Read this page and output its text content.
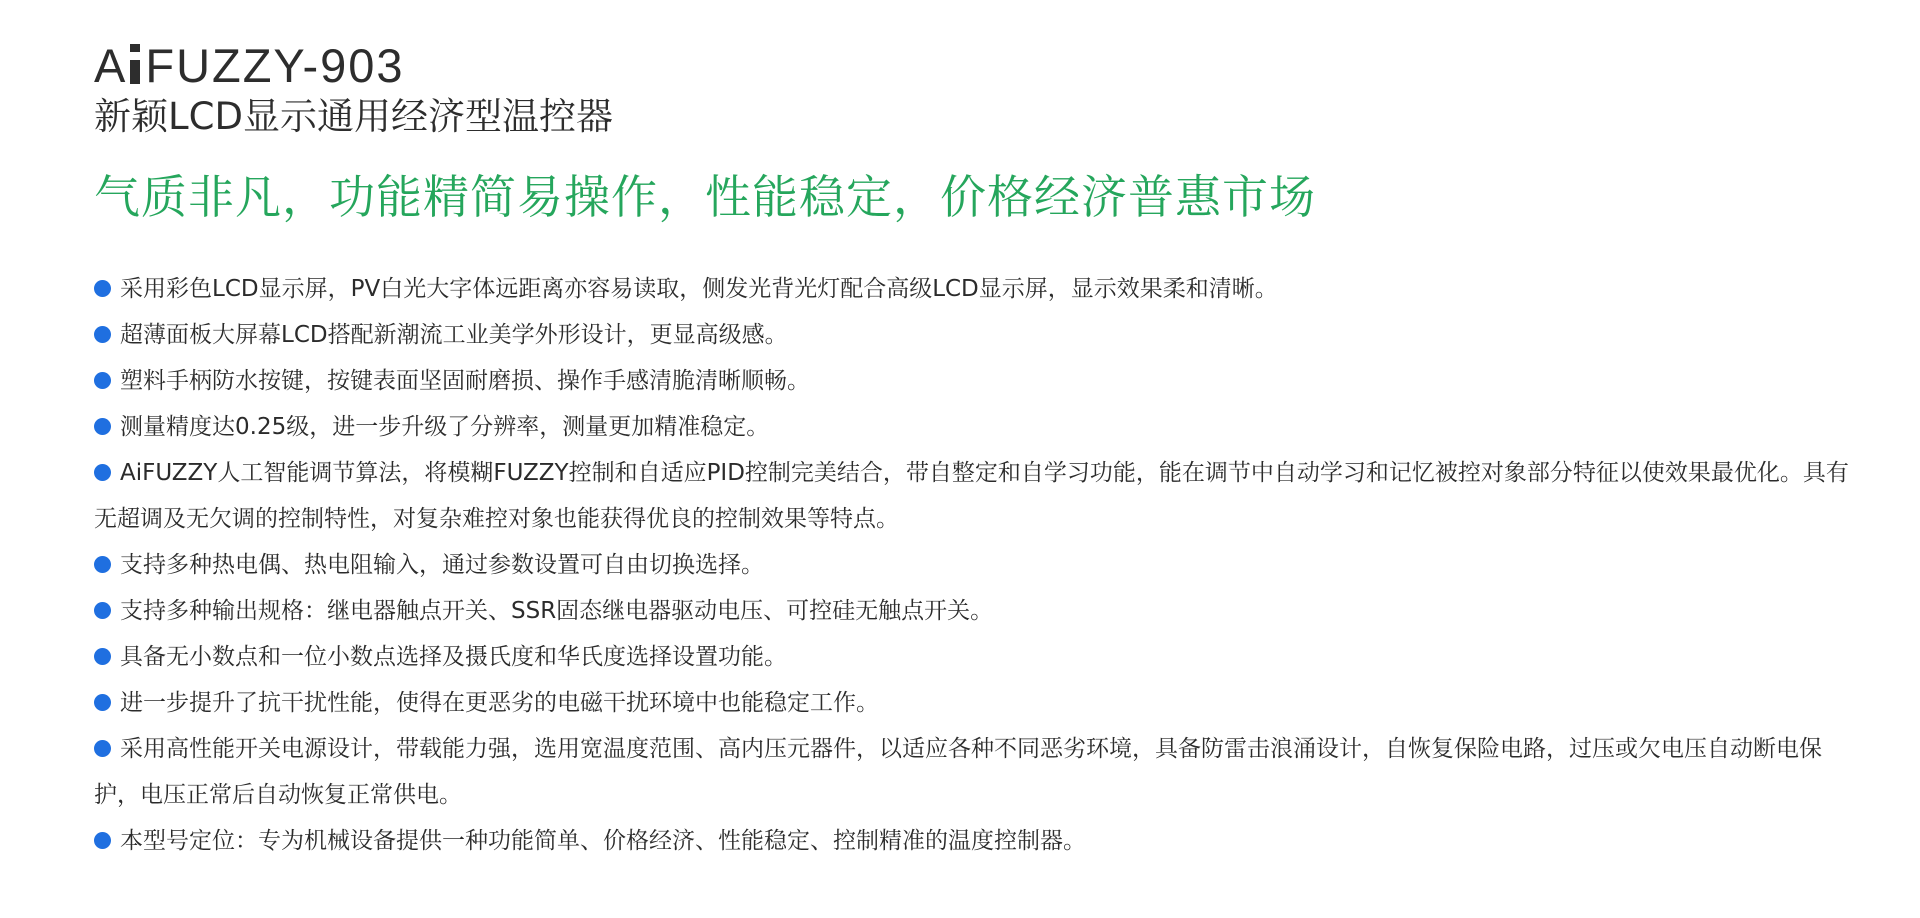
A FUZZY-903

新颖LCD显示通用经济型温控器

气质非凡，功能精简易操作，性能稳定，价格经济普惠市场

采用彩色LCD显示屏，PV白光大字体远距离亦容易读取，侧发光背光灯配合高级LCD显示屏，显示效果柔和清晰。
超薄面板大屏幕LCD搭配新潮流工业美学外形设计，更显高级感。
塑料手柄防水按键，按键表面坚固耐磨损、操作手感清脆清晰顺畅。
测量精度达0.25级，进一步升级了分辨率，测量更加精准稳定。
AiFUZZY人工智能调节算法，将模糊FUZZY控制和自适应PID控制完美结合，带自整定和自学习功能，能在调节中自动学习和记忆被控对象部分特征以使效果最优化。具有无超调及无欠调的控制特性，对复杂难控对象也能获得优良的控制效果等特点。
支持多种热电偶、热电阻输入，通过参数设置可自由切换选择。
支持多种输出规格：继电器触点开关、SSR固态继电器驱动电压、可控硅无触点开关。
具备无小数点和一位小数点选择及摄氏度和华氏度选择设置功能。
进一步提升了抗干扰性能，使得在更恶劣的电磁干扰环境中也能稳定工作。
采用高性能开关电源设计，带载能力强，选用宽温度范围、高内压元器件，以适应各种不同恶劣环境，具备防雷击浪涌设计，自恢复保险电路，过压或欠电压自动断电保护，电压正常后自动恢复正常供电。
本型号定位：专为机械设备提供一种功能简单、价格经济、性能稳定、控制精准的温度控制器。
